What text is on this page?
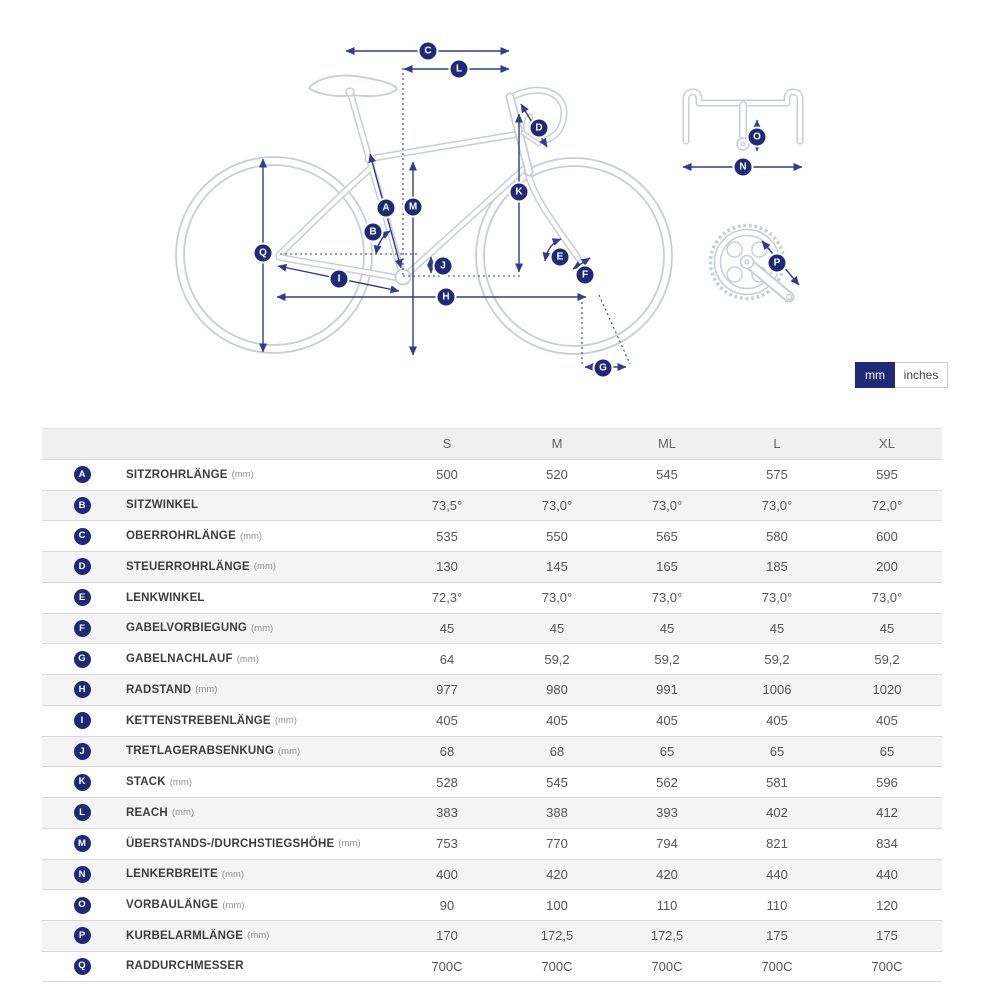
C
L
D
O
N
K
A	M
B
Q	E
J	P
F
I
H
G
mm	inches
S	M	ML	L	XL
A	SITZROHRLÄNGE (mm)	500	520	545	575	595
B	SITZWINKEL	73,5°	73,0°	73,0°	73,0°	72,0°
C	OBERROHRLÄNGE (mm)	535	550	565	580	600
D	STEUERROHRLÄNGE (mm)	130	145	165	185	200
E	LENKWINKEL	72,3°	73,0°	73,0°	73,0°	73,0°
F	GABELVORBIEGUNG (mm)	45	45	45	45	45
G	GABELNACHLAUF (mm)	64	59,2	59,2	59,2	59,2
H	RADSTAND (mm)	977	980	991	1006	1020
I	KETTENSTREBENLÄNGE (mm)	405	405	405	405	405
J	TRETLAGERABSENKUNG (mm)	68	68	65	65	65
K	STACK (mm)	528	545	562	581	596
L	REACH (mm)	383	388	393	402	412
M	ÜBERSTANDS-/DURCHSTIEGSHÖHE (mm)	753	770	794	821	834
N	LENKERBREITE (mm)	400	420	420	440	440
O	VORBAULÄNGE (mm)	90	100	110	110	120
P	KURBELARMLÄNGE (mm)	170	172,5	172,5	175	175
Q	RADDURCHMESSER	700C	700C	700C	700C	700C
